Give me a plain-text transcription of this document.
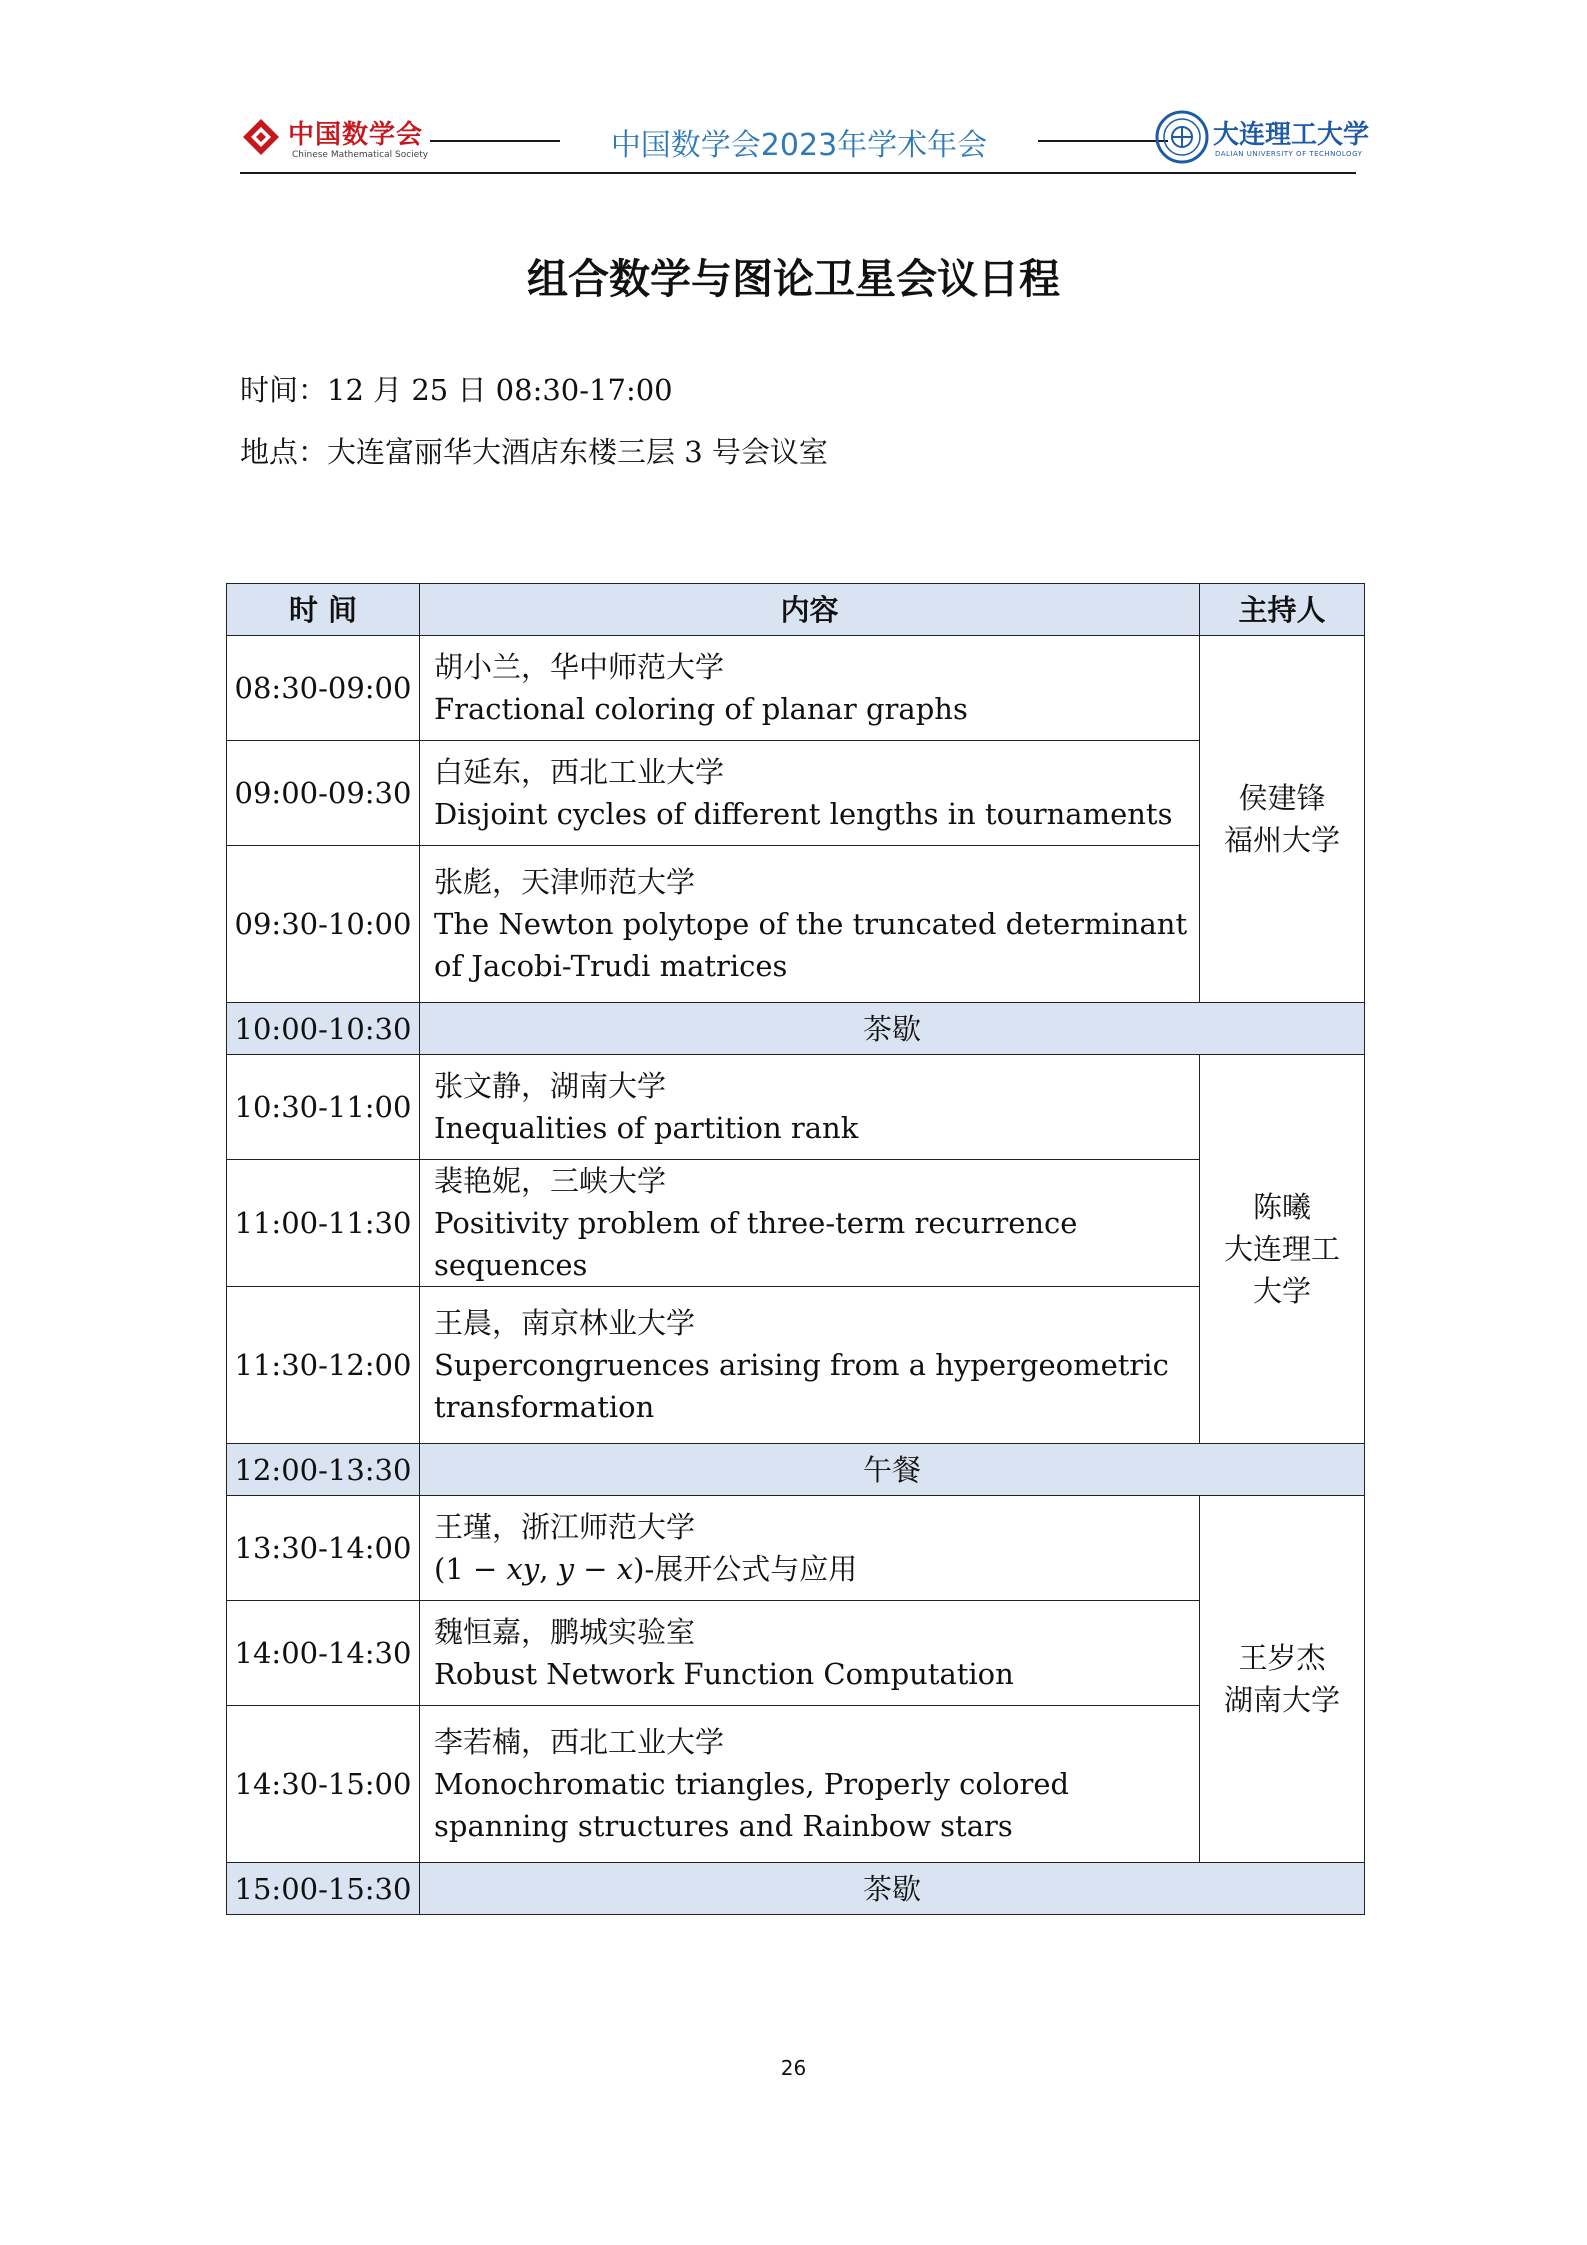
中国数学会
Chinese Mathematical Society	中国数学会2023年学术年会	大连理工大学
DALIAN UNIVERSITY OF TECHNOLOGY
组合数学与图论卫星会议日程
时间：12 月 25 日 08:30-17:00
地点：大连富丽华大酒店东楼三层 3 号会议室
时 间	内容	主持人
08:30-09:00	胡小兰，华中师范大学
Fractional coloring of planar graphs	侯建锋
福州大学

09:00-09:30	白延东，西北工业大学
Disjoint cycles of different lengths in tournaments	

09:30-10:00	张彪，天津师范大学
The Newton polytope of the truncated determinant of Jacobi-Trudi matrices	

10:00-10:30	茶歇	
10:30-11:00	张文静，湖南大学
Inequalities of partition rank	陈曦
大连理工
大学

11:00-11:30	裴艳妮，三峡大学
Positivity problem of three-term recurrence sequences	

11:30-12:00	王晨，南京林业大学
Supercongruences arising from a hypergeometric transformation	

12:00-13:30	午餐	
13:30-14:00	王瑾，浙江师范大学
(1 − 𝑥𝑦, 𝑦 − 𝑥)-展开公式与应用	王岁杰
湖南大学

14:00-14:30	魏恒嘉，鹏城实验室
Robust Network Function Computation	

14:30-15:00	李若楠，西北工业大学
Monochromatic triangles, Properly colored spanning structures and Rainbow stars	

15:00-15:30	茶歇	
26
